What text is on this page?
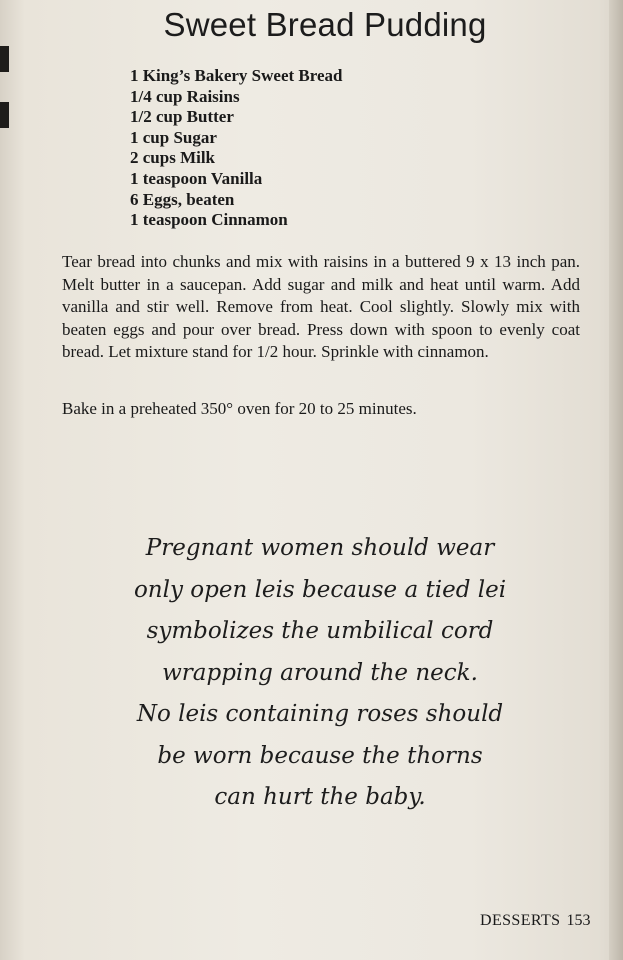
Sweet Bread Pudding
1 King’s Bakery Sweet Bread
1/4 cup Raisins
1/2 cup Butter
1 cup Sugar
2 cups Milk
1 teaspoon Vanilla
6 Eggs, beaten
1 teaspoon Cinnamon

Tear bread into chunks and mix with raisins in a buttered 9 x 13 inch pan. Melt butter in a saucepan. Add sugar and milk and heat until warm. Add vanilla and stir well. Remove from heat. Cool slightly. Slowly mix with beaten eggs and pour over bread. Press down with spoon to evenly coat bread. Let mixture stand for 1/2 hour. Sprinkle with cinnamon.

Bake in a preheated 350° oven for 20 to 25 minutes.

Pregnant women should wear
only open leis because a tied lei
symbolizes the umbilical cord
wrapping around the neck.
No leis containing roses should
be worn because the thorns
can hurt the baby.
DESSERTS 153
